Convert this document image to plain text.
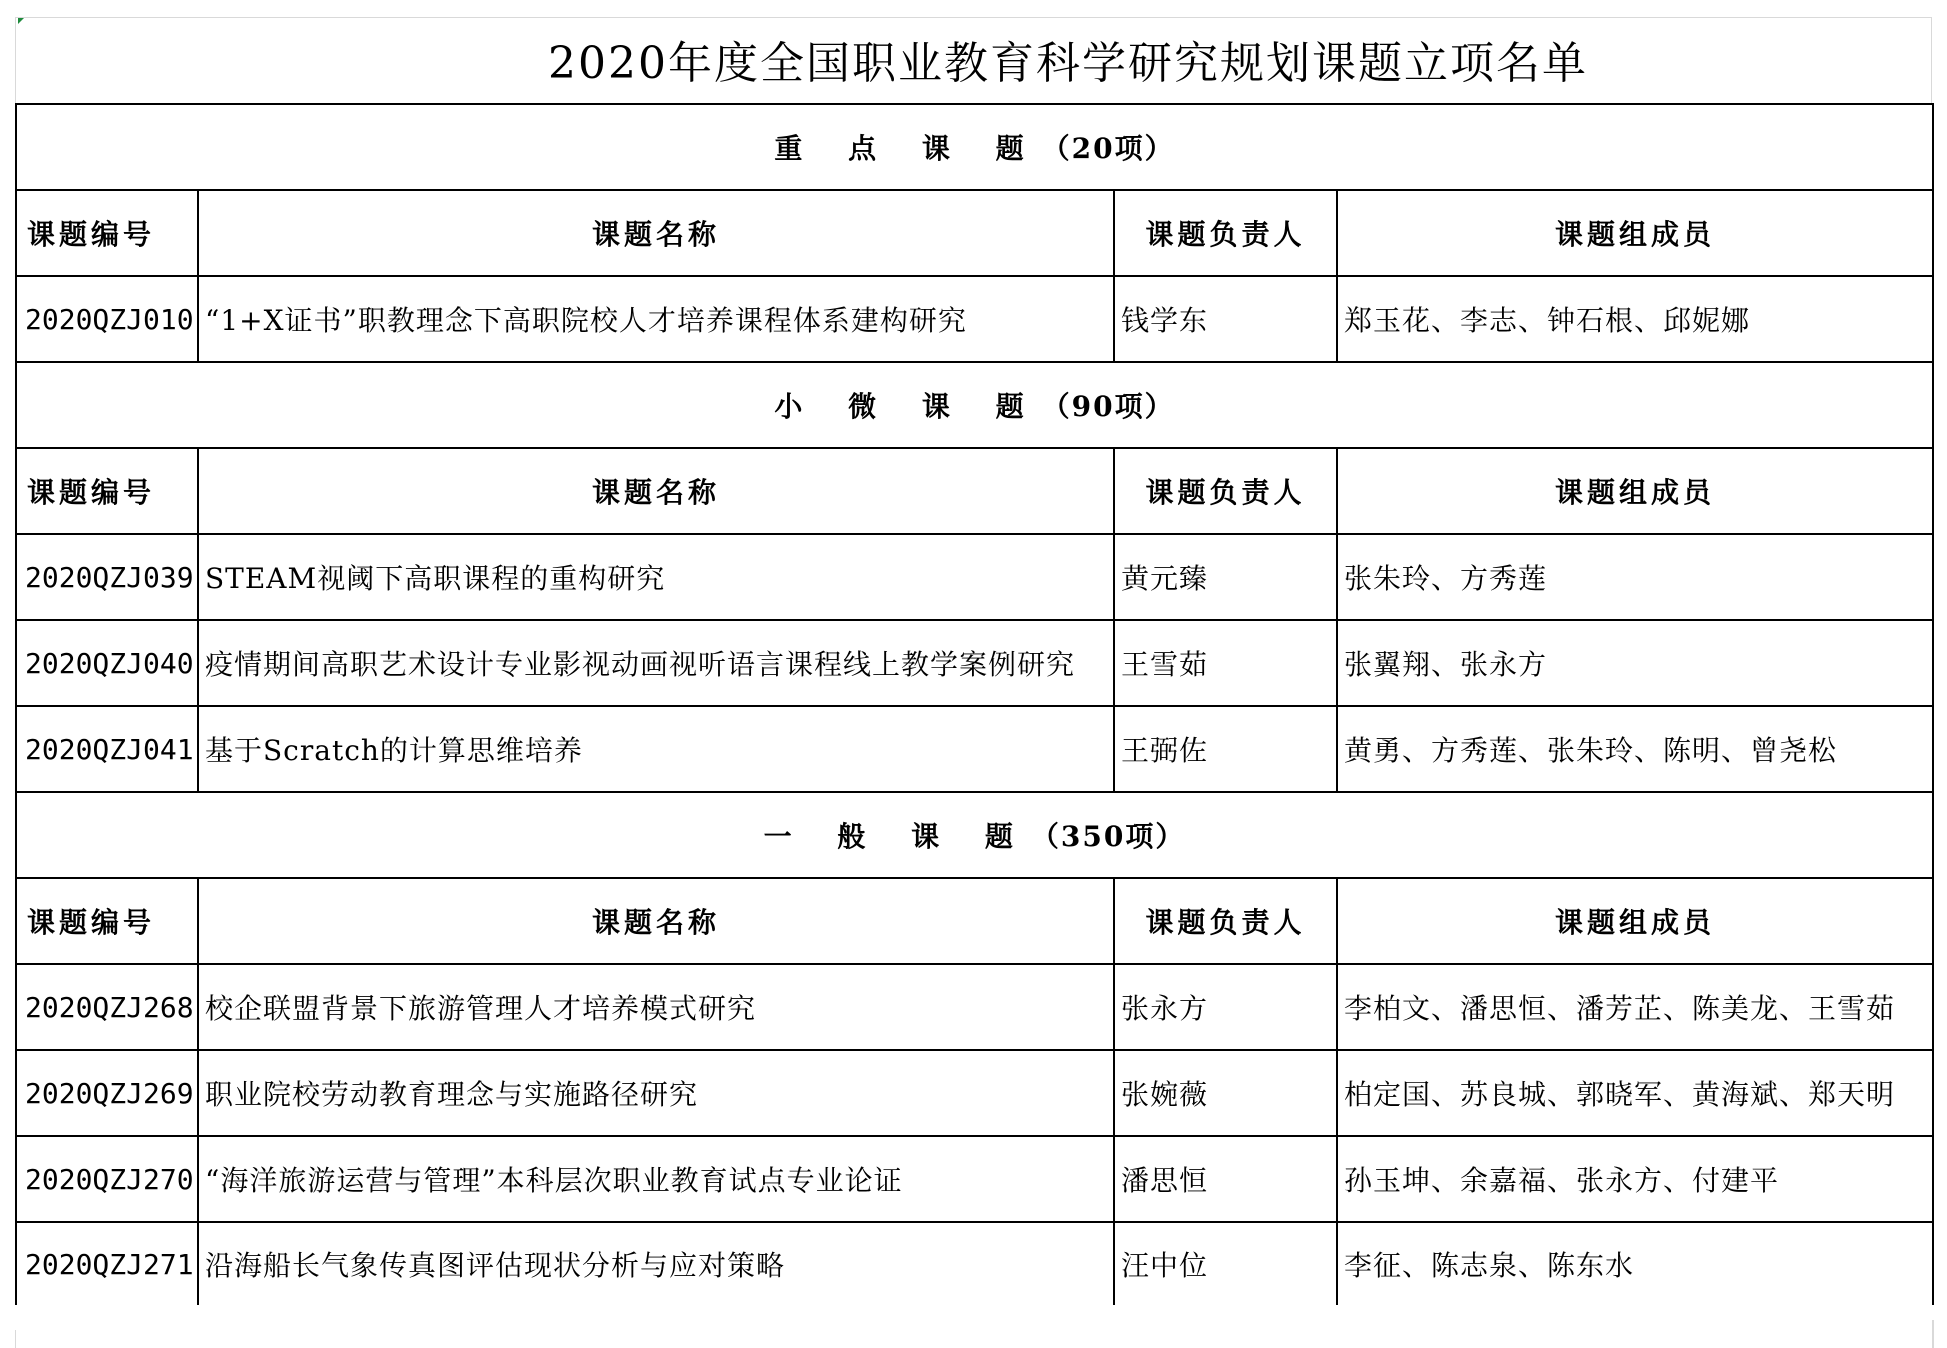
2020年度全国职业教育科学研究规划课题立项名单
重 点 课 题（20项）			
课题编号	课题名称	课题负责人	课题组成员
2020QZJ010	“1+X证书”职教理念下高职院校人才培养课程体系建构研究	钱学东	郑玉花、李志、钟石根、邱妮娜
小 微 课 题（90项）			
课题编号	课题名称	课题负责人	课题组成员
2020QZJ039	STEAM视阈下高职课程的重构研究	黄元臻	张朱玲、方秀莲
2020QZJ040	疫情期间高职艺术设计专业影视动画视听语言课程线上教学案例研究	王雪茹	张翼翔、张永方
2020QZJ041	基于Scratch的计算思维培养	王弼佐	黄勇、方秀莲、张朱玲、陈明、曾尧松
一 般 课 题（350项）			
课题编号	课题名称	课题负责人	课题组成员
2020QZJ268	校企联盟背景下旅游管理人才培养模式研究	张永方	李柏文、潘思恒、潘芳芷、陈美龙、王雪茹
2020QZJ269	职业院校劳动教育理念与实施路径研究	张婉薇	柏定国、苏良城、郭晓军、黄海斌、郑天明
2020QZJ270	“海洋旅游运营与管理”本科层次职业教育试点专业论证	潘思恒	孙玉坤、余嘉福、张永方、付建平
2020QZJ271	沿海船长气象传真图评估现状分析与应对策略	汪中位	李征、陈志泉、陈东水
